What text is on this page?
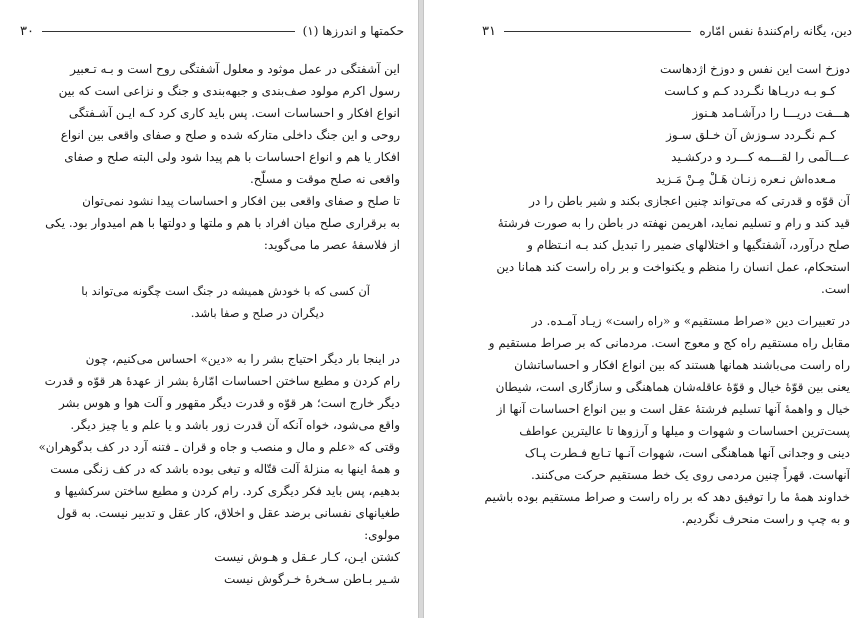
۳۰	حکمتها و اندرزها (۱)
این آشفتگی در عمل موثود و معلول آشفتگی روح است و بـه تـعبیر
رسول اکرم مولود صف‌بندی و جبهه‌بندی و جنگ و نزاعی است که بین
انواع افکار و احساسات است. پس باید کاری کرد کـه ایـن آشـفتگی
روحی و این جنگ داخلی متارکه شده و صلح و صفای واقعی بین انواع
افکار یا هم و انواع احساسات با هم پیدا شود ولی البته صلح و صفای
واقعی نه صلح موقت و مسلّح.
تا صلح و صفای واقعی بین افکار و احساسات پیدا نشود نمی‌توان
به برقراری صلح میان افراد با هم و ملتها و دولتها با هم امیدوار بود. یکی
از فلاسفهٔ عصر ما می‌گوید:
آن کسی که با خودش همیشه در جنگ است چگونه می‌تواند با
دیگران در صلح و صفا باشد.
در اینجا بار دیگر احتیاج بشر را به «دین» احساس می‌کنیم، چون
رام کردن و مطیع ساختن احساسات امّارهٔ بشر از عهدهٔ هر قوّه و قدرت
دیگر خارج است؛ هر قوّه و قدرت دیگر مقهور و آلت هوا و هوس بشر
واقع می‌شود، خواه آنکه آن قدرت زور باشد و یا علم و یا چیز دیگر.
وقتی که «علم و مال و منصب و جاه و قران ـ فتنه آرد در کف بدگوهران»
و همهٔ اینها به منزلهٔ آلت قتّاله و تیغی بوده باشد که در کف زنگی مست
بدهیم، پس باید فکر دیگری کرد. رام کردن و مطیع ساختن سرکشیها و
طغیانهای نفسانی برضد عقل و اخلاق، کار عقل و تدبیر نیست. به قول
مولوی:
کشتن ایـن، کـار عـقل و هـوش نیست
شـیر بـاطن سـخرهٔ خـرگوش نیست
۳۱	دین، یگانه رام‌کنندهٔ نفس امّاره
دوزخ است این نفس و دوزخ اژدهاست
کـو بـه دریـاها نگـردد کـم و کـاست
هـــفت دریـــا را درآشـامد هـنوز
کـم نگـردد سـوزش آن خـلق سـوز
عـــالَمی را لقـــمه کـــرد و درکشـید
مـعده‌اش نـعره زنـان هَـلْ مِـنْ مَـزید
آن قوّه و قدرتی که می‌تواند چنین اعجازی بکند و شیر باطن را در
قید کند و رام و تسلیم نماید، اهریمن نهفته در باطن را به صورت فرشتهٔ
صلح درآورد، آشفتگیها و اختلالهای ضمیر را تبدیل کند بـه انـتظام و
استحکام، عمل انسان را منظم و یکنواخت و بر راه راست کند همانا دین
است.
در تعبیرات دین «صراط مستقیم» و «راه راست» زیـاد آمـده. در
مقابل راه مستقیم راه کج و معوج است. مردمانی که بر صراط مستقیم و
راه راست می‌باشند همانها هستند که بین انواع افکار و احساساتشان
یعنی بین قوّهٔ خیال و قوّهٔ عاقله‌شان هماهنگی و سازگاری است، شیطان
خیال و واهمهٔ آنها تسلیم فرشتهٔ عقل است و بین انواع احساسات آنها از
پست‌ترین احساسات و شهوات و میلها و آرزوها تا عالیترین عواطف
دینی و وجدانی آنها هماهنگی است، شهوات آنـها تـابع فـطرت پـاک
آنهاست. قهراً چنین مردمی روی یک خط مستقیم حرکت می‌کنند.
خداوند همهٔ ما را توفیق دهد که بر راه راست و صراط مستقیم بوده باشیم
و به چپ و راست منحرف نگردیم.
